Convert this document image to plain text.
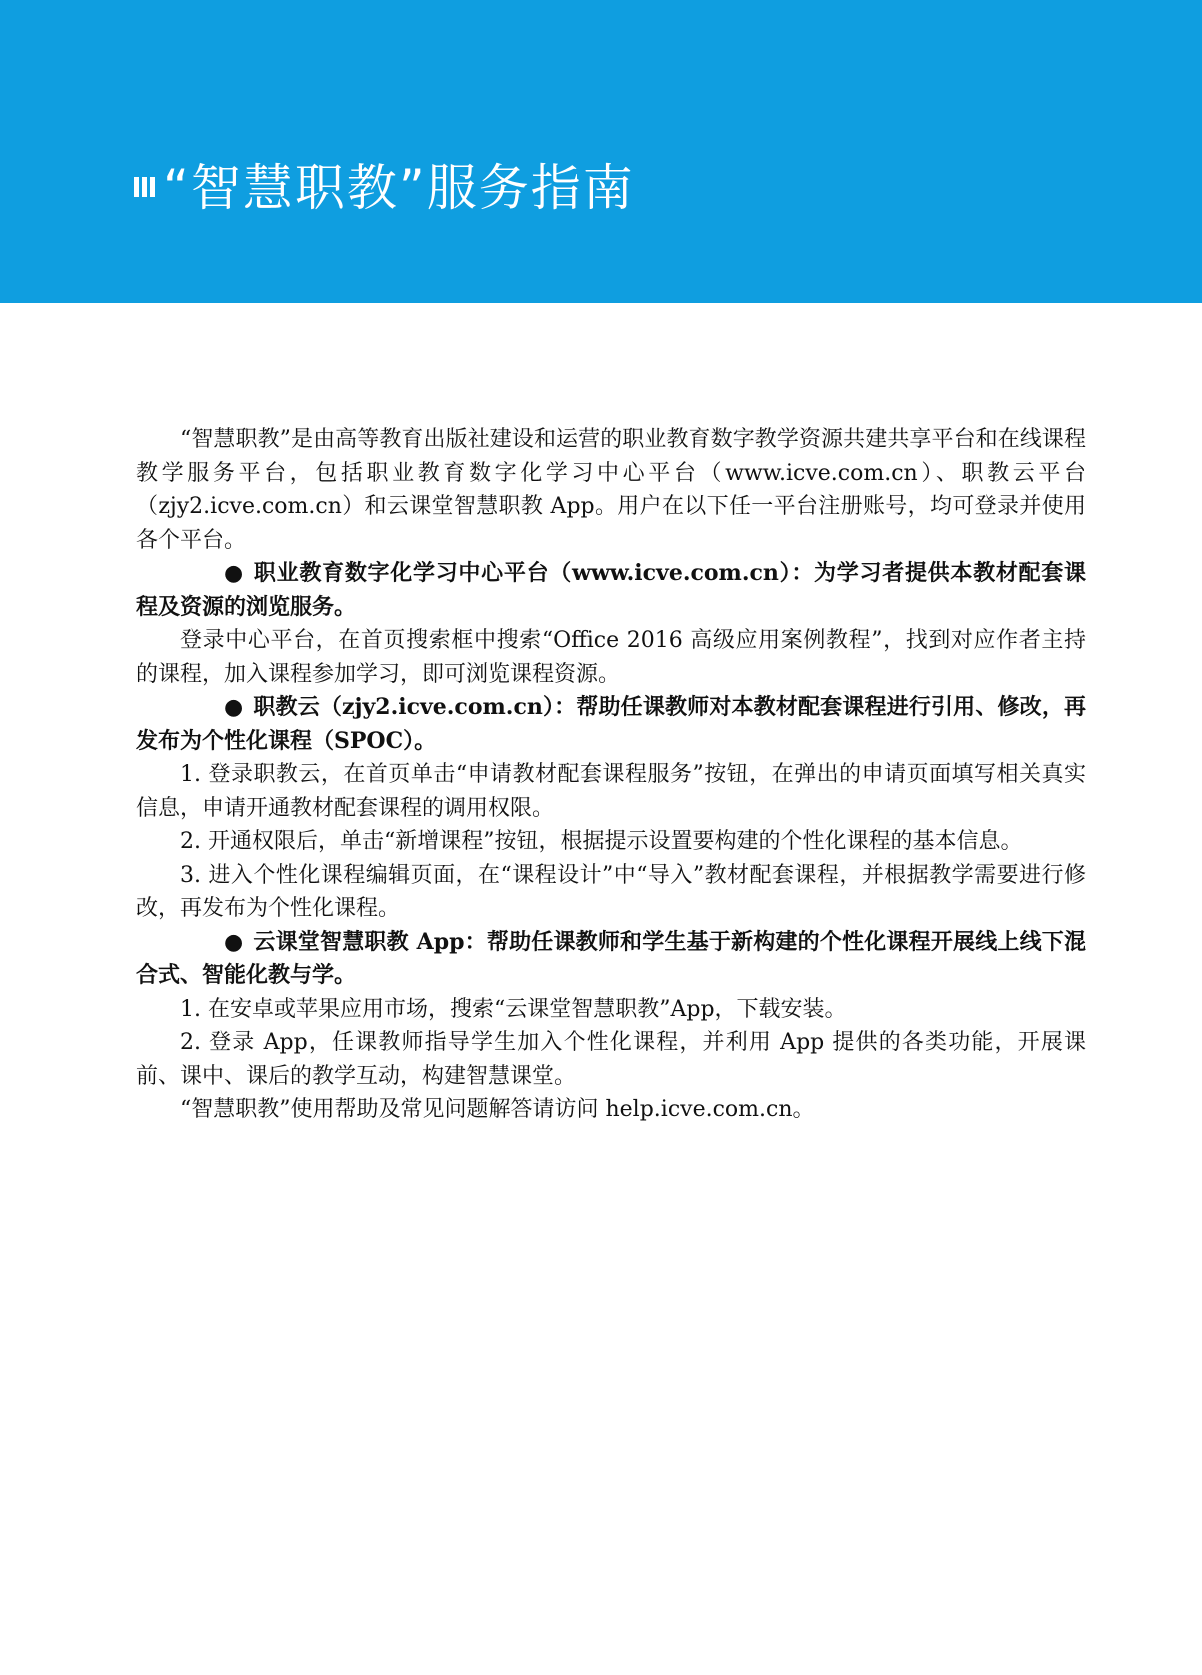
“智慧职教”服务指南

“智慧职教”是由高等教育出版社建设和运营的职业教育数字教学资源共建共享平台和在线课程教学服务平台，包括职业教育数字化学习中心平台（www.icve.com.cn）、职教云平台（zjy2.icve.com.cn）和云课堂智慧职教 App。用户在以下任一平台注册账号，均可登录并使用各个平台。

● 职业教育数字化学习中心平台（www.icve.com.cn）：为学习者提供本教材配套课程及资源的浏览服务。

登录中心平台，在首页搜索框中搜索“Office 2016 高级应用案例教程”，找到对应作者主持的课程，加入课程参加学习，即可浏览课程资源。

● 职教云（zjy2.icve.com.cn）：帮助任课教师对本教材配套课程进行引用、修改，再发布为个性化课程（SPOC）。

1. 登录职教云，在首页单击“申请教材配套课程服务”按钮，在弹出的申请页面填写相关真实信息，申请开通教材配套课程的调用权限。

2. 开通权限后，单击“新增课程”按钮，根据提示设置要构建的个性化课程的基本信息。

3. 进入个性化课程编辑页面，在“课程设计”中“导入”教材配套课程，并根据教学需要进行修改，再发布为个性化课程。

● 云课堂智慧职教 App：帮助任课教师和学生基于新构建的个性化课程开展线上线下混合式、智能化教与学。

1. 在安卓或苹果应用市场，搜索“云课堂智慧职教”App，下载安装。

2. 登录 App，任课教师指导学生加入个性化课程，并利用 App 提供的各类功能，开展课前、课中、课后的教学互动，构建智慧课堂。

“智慧职教”使用帮助及常见问题解答请访问 help.icve.com.cn。
